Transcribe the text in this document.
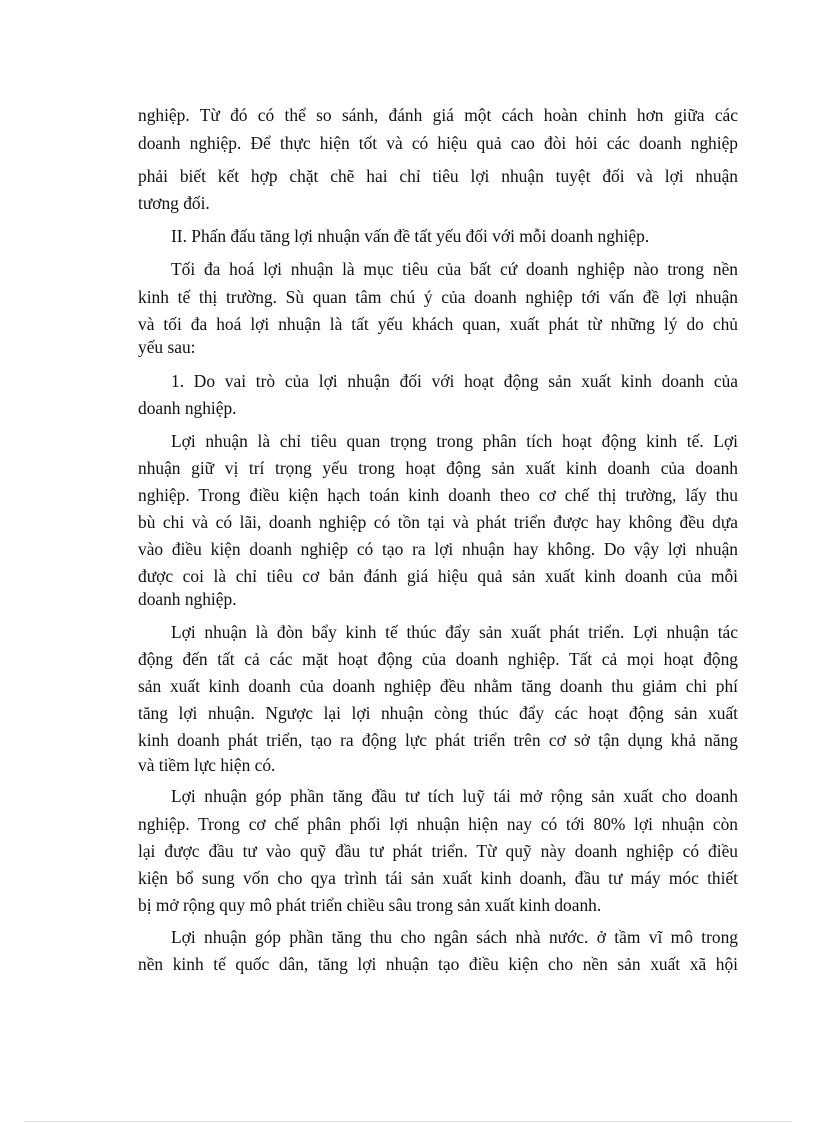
nghiệp. Từ đó có thể so sánh, đánh giá một cách hoàn chỉnh hơn giữa các
doanh nghiệp. Để thực hiện tốt và có hiệu quả cao đòi hỏi các doanh nghiệp
phải biết kết hợp chặt chẽ hai chỉ tiêu lợi nhuận tuyệt đối và lợi nhuận
tương đối.
II. Phấn đấu tăng lợi nhuận vấn đề tất yếu đối với mỗi doanh nghiệp.
Tối đa hoá lợi nhuận là mục tiêu của bất cứ doanh nghiệp nào trong nền
kinh tế thị trường. Sù quan tâm chú ý của doanh nghiệp tới vấn đề lợi nhuận
và tối đa hoá lợi nhuận là tất yếu khách quan, xuất phát từ những lý do chủ
yếu sau:
1. Do vai trò của lợi nhuận đối với hoạt động sản xuất kinh doanh của
doanh nghiệp.
Lợi nhuận là chỉ tiêu quan trọng trong phân tích hoạt động kinh tế. Lợi
nhuận giữ vị trí trọng yếu trong hoạt động sản xuất kinh doanh của doanh
nghiệp. Trong điều kiện hạch toán kinh doanh theo cơ chế thị trường, lấy thu
bù chi và có lãi, doanh nghiệp có tồn tại và phát triển được hay không đều dựa
vào điều kiện doanh nghiệp có tạo ra lợi nhuận hay không. Do vậy lợi nhuận
được coi là chỉ tiêu cơ bản đánh giá hiệu quả sản xuất kinh doanh của mỗi
doanh nghiệp.
Lợi nhuận là đòn bẩy kinh tế thúc đẩy sản xuất phát triển. Lợi nhuận tác
động đến tất cả các mặt hoạt động của doanh nghiệp. Tất cả mọi hoạt động
sản xuất kinh doanh của doanh nghiệp đều nhằm tăng doanh thu giảm chi phí
tăng lợi nhuận. Ngược lại lợi nhuận còng thúc đẩy các hoạt động sản xuất
kinh doanh phát triển, tạo ra động lực phát triển trên cơ sở tận dụng khả năng
và tiềm lực hiện có.
Lợi nhuận góp phần tăng đầu tư tích luỹ tái mở rộng sản xuất cho doanh
nghiệp. Trong cơ chế phân phối lợi nhuận hiện nay có tới 80% lợi nhuận còn
lại được đầu tư vào quỹ đầu tư phát triển. Từ quỹ này doanh nghiệp có điều
kiện bổ sung vốn cho qya trình tái sản xuất kinh doanh, đầu tư máy móc thiết
bị mở rộng quy mô phát triển chiều sâu trong sản xuất kinh doanh.
Lợi nhuận góp phần tăng thu cho ngân sách nhà nước. ở tầm vĩ mô trong
nền kinh tế quốc dân, tăng lợi nhuận tạo điều kiện cho nền sản xuất xã hội
